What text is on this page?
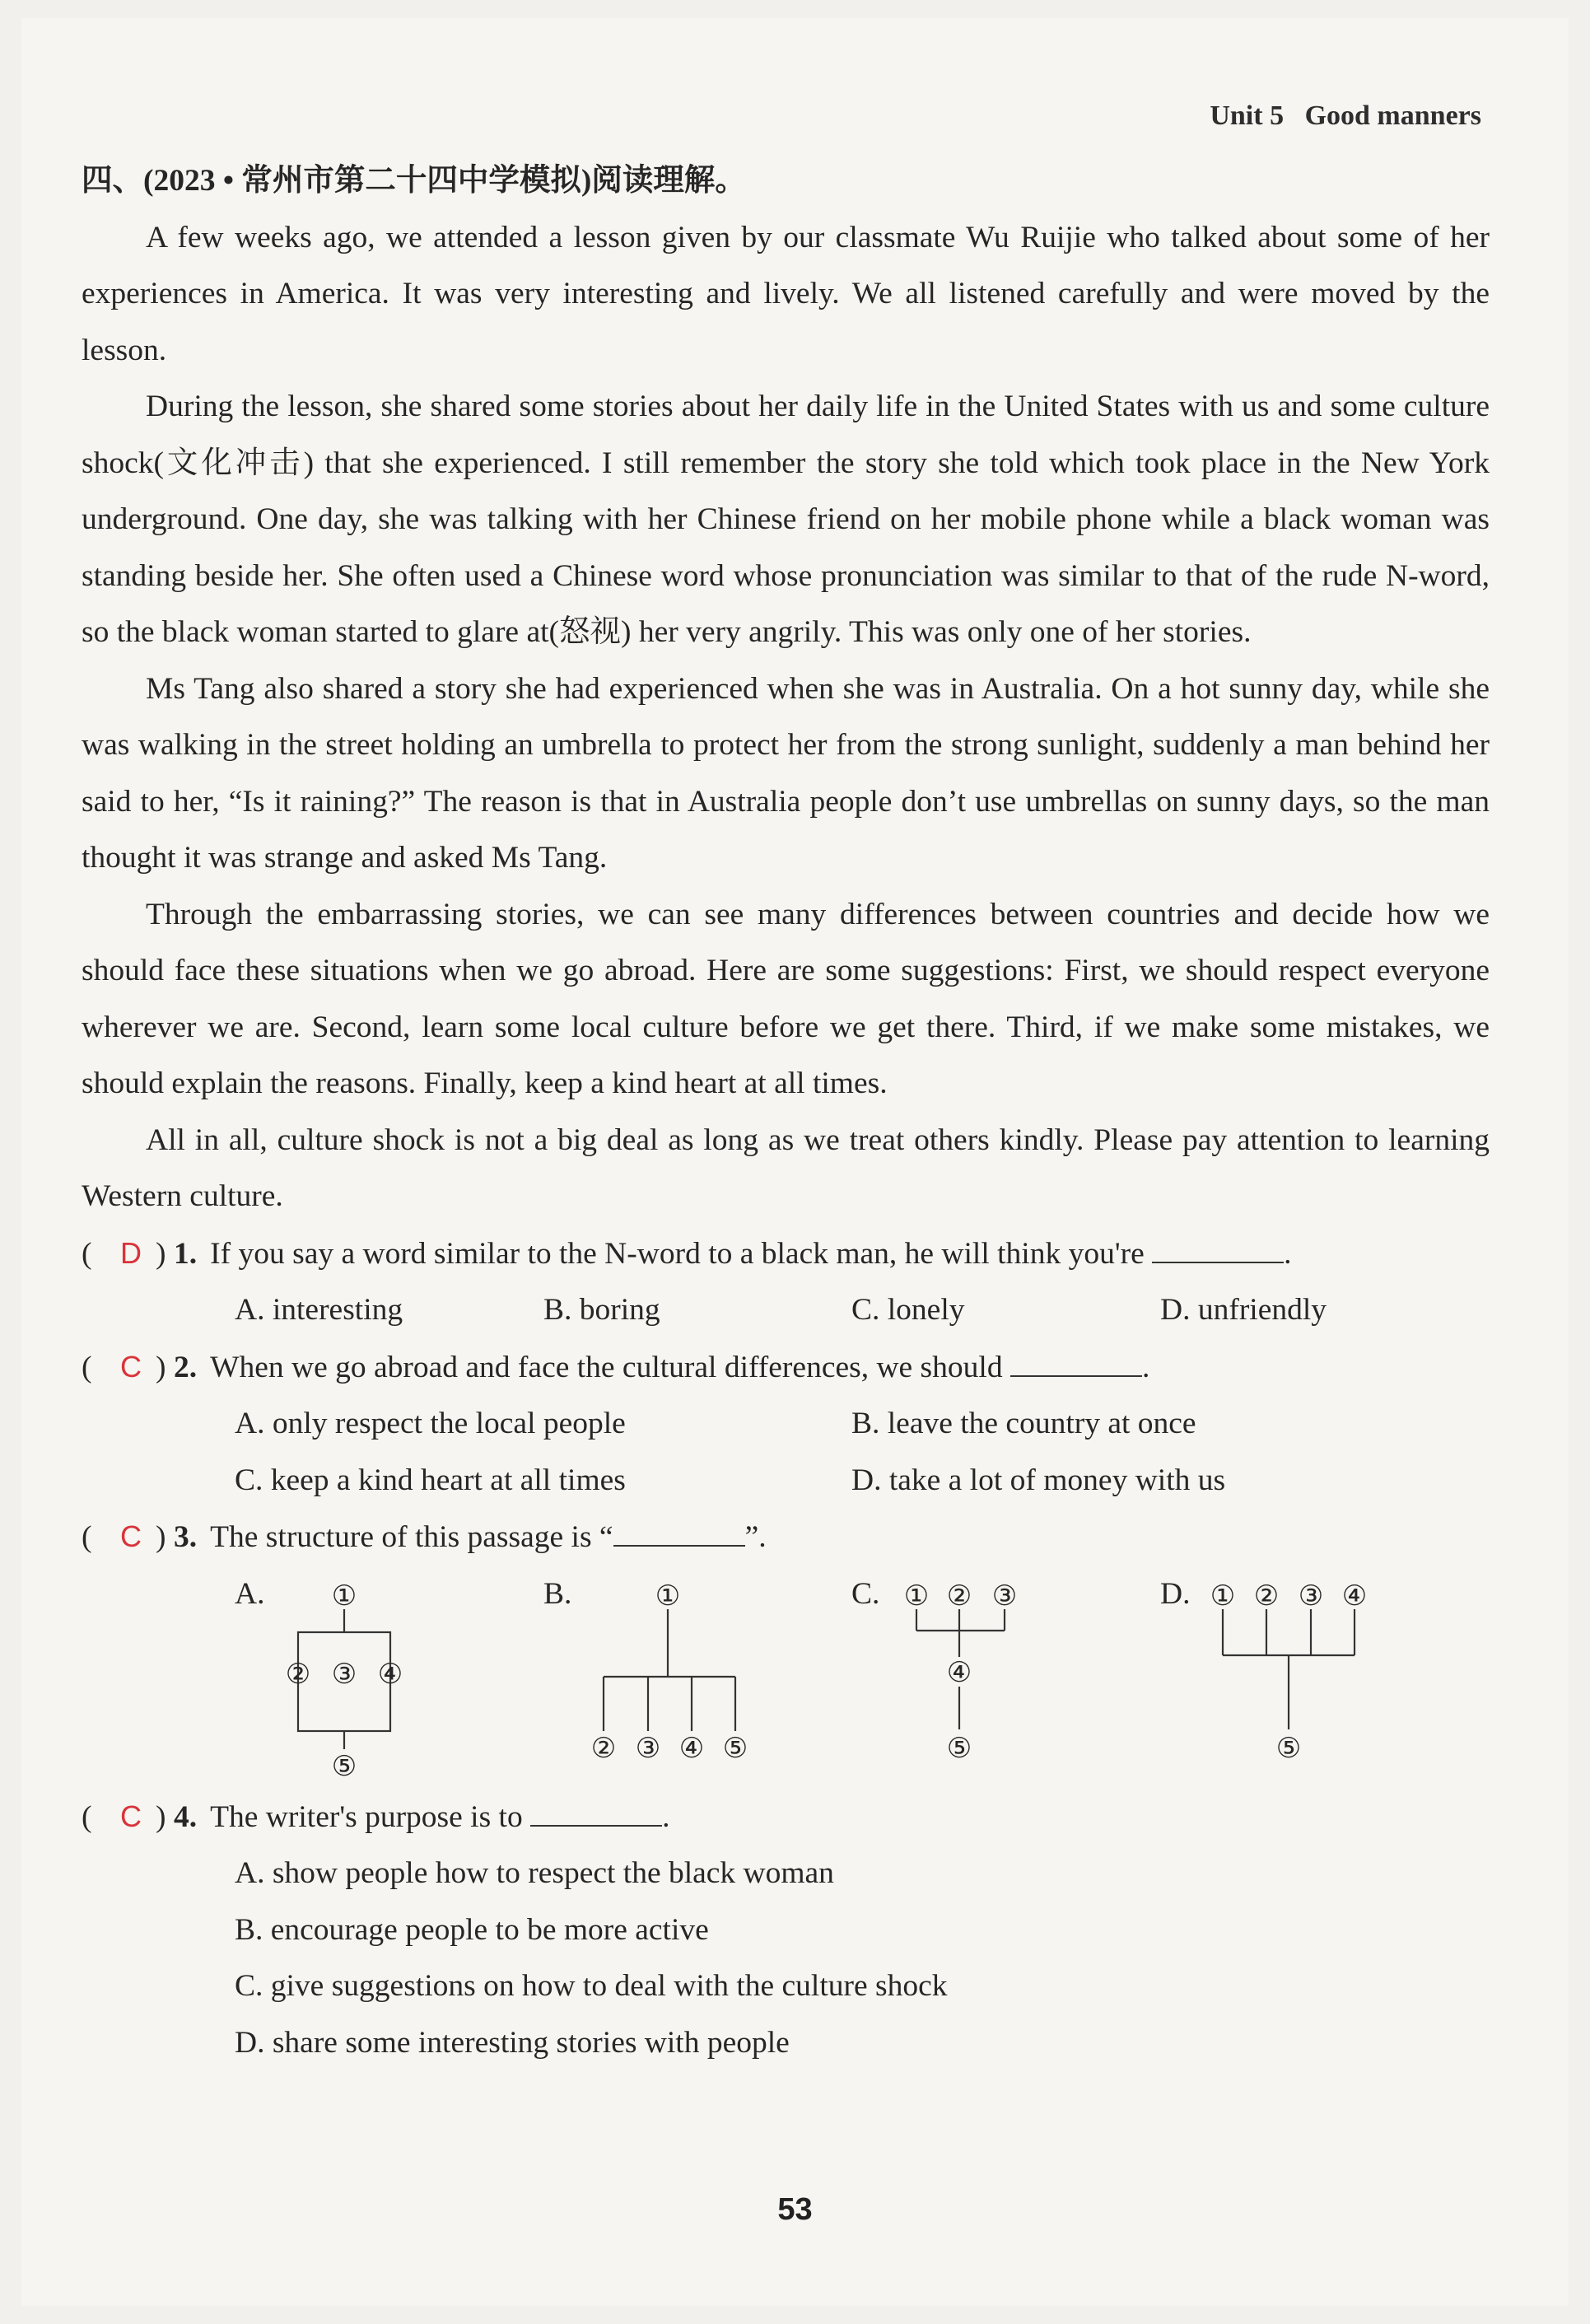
Unit 5 Good manners

四、(2023 • 常州市第二十四中学模拟)阅读理解。

A few weeks ago, we attended a lesson given by our classmate Wu Ruijie who talked about some of her experiences in America. It was very interesting and lively. We all listened carefully and were moved by the lesson.

During the lesson, she shared some stories about her daily life in the United States with us and some culture shock(文化冲击) that she experienced. I still remember the story she told which took place in the New York underground. One day, she was talking with her Chinese friend on her mobile phone while a black woman was standing beside her. She often used a Chinese word whose pronunciation was similar to that of the rude N-word, so the black woman started to glare at(怒视) her very angrily. This was only one of her stories.

Ms Tang also shared a story she had experienced when she was in Australia. On a hot sunny day, while she was walking in the street holding an umbrella to protect her from the strong sunlight, suddenly a man behind her said to her, “Is it raining?” The reason is that in Australia people don’t use umbrellas on sunny days, so the man thought it was strange and asked Ms Tang.

Through the embarrassing stories, we can see many differences between countries and decide how we should face these situations when we go abroad. Here are some suggestions: First, we should respect everyone wherever we are. Second, learn some local culture before we get there. Third, if we make some mistakes, we should explain the reasons. Finally, keep a kind heart at all times.

All in all, culture shock is not a big deal as long as we treat others kindly. Please pay attention to learning Western culture.

( D ) 1. If you say a word similar to the N-word to a black man, he will think you're	.

A. interesting	B. boring	C. lonely	D. unfriendly

( C ) 2. When we go abroad and face the cultural differences, we should	.

A. only respect the local people	B. leave the country at once
C. keep a kind heart at all times	D. take a lot of money with us

( C ) 3. The structure of this passage is “	”.

A. ①
② ③ ④
⑤
B.	①
② ③ ④ ⑤
C. ① ② ③
④
⑤
D. ① ② ③ ④
⑤

( C ) 4. The writer's purpose is to	.

A. show people how to respect the black woman

B. encourage people to be more active

C. give suggestions on how to deal with the culture shock

D. share some interesting stories with people

53
